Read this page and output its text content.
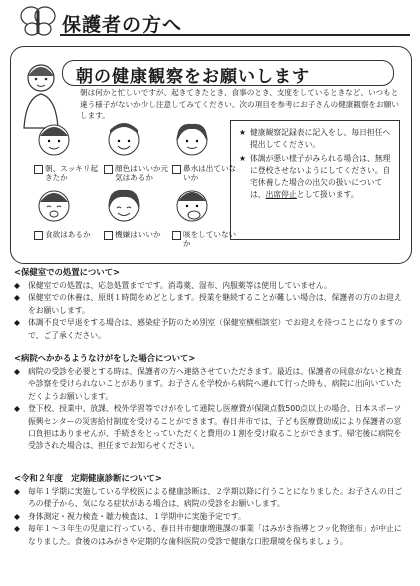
保護者の方へ
朝の健康観察をお願いします
朝は何かと忙しいですが、起きてきたとき、食事のとき、支度をしているときなど、いつもと違う様子がないか少し注意してみてください。次の項目を参考にお子さんの健康観察をお願いします。
朝、スッキリ起きたか
顔色はいいか元気はあるか
鼻水は出ていないか
食欲はあるか	機嫌はいいか	咳をしていないか
★ 健康観察記録表に記入をし、毎日担任へ提出してください。
★ 体調が悪い様子がみられる場合は、無理に登校させないようにしてください。自宅休養した場合の出欠の扱いについては、出席停止として扱います。
<保健室での処置について>
◆	保健室での処置は、応急処置までです。消毒薬、湿布、内服薬等は使用していません。
◆	保健室での休養は、原則１時間をめどとします。授業を継続することが難しい場合は、保護者の方のお迎えをお願いします。
◆	体調不良で早退をする場合は、感染症予防のため別室（保健室横相談室）でお迎えを待つことになりますので、ご了承ください。
<病院へかかるようなけがをした場合について>
◆	病院の受診を必要とする時は、保護者の方へ連絡させていただきます。最近は、保護者の同意がないと検査や診察を受けられないことがあります。お子さんを学校から病院へ連れて行った時も、病院に出向いていただくようお願いします。
◆	登下校、授業中、放課、校外学習等でけがをして通院し医療費が保険点数500点以上の場合、日本スポーツ振興センターの災害給付制度を受けることができます。春日井市では、子ども医療費助成により保護者の窓口負担はありませんが、手続きをとっていただくと費用の１割を受け取ることができます。帰宅後に病院を受診された場合は、担任までお知らせください。
<令和２年度　定期健康診断について>
◆	毎年１学期に実施している学校医による健康診断は、２学期以降に行うことになりました。お子さんの日ごろの様子から、気になる症状がある場合は、病院の受診をお願いします。
◆	身体測定・視力検査・聴力検査は、１学期中に実施予定です。
◆	毎年１～３年生の児童に行っている、春日井市健康増進課の事業「はみがき指導とフッ化物塗布」が中止になりました。食後のはみがきや定期的な歯科医院の受診で健康な口腔環境を保ちましょう。
